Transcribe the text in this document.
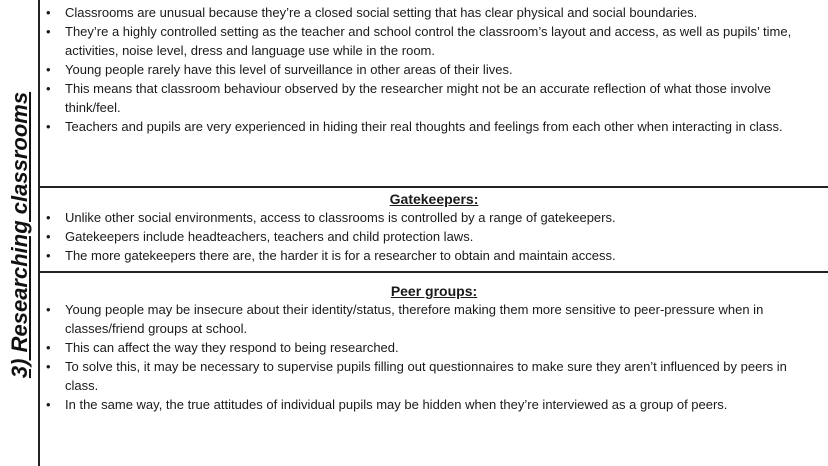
3) Researching classrooms
• Classrooms are unusual because they’re a closed social setting that has clear physical and social boundaries.
• They’re a highly controlled setting as the teacher and school control the classroom’s layout and access, as well as pupils’ time, activities, noise level, dress and language use while in the room.
• Young people rarely have this level of surveillance in other areas of their lives.
• This means that classroom behaviour observed by the researcher might not be an accurate reflection of what those involve think/feel.
• Teachers and pupils are very experienced in hiding their real thoughts and feelings from each other when interacting in class.
Gatekeepers:
• Unlike other social environments, access to classrooms is controlled by a range of gatekeepers.
• Gatekeepers include headteachers, teachers and child protection laws.
• The more gatekeepers there are, the harder it is for a researcher to obtain and maintain access.
Peer groups:
• Young people may be insecure about their identity/status, therefore making them more sensitive to peer-pressure when in classes/friend groups at school.
• This can affect the way they respond to being researched.
• To solve this, it may be necessary to supervise pupils filling out questionnaires to make sure they aren’t influenced by peers in class.
• In the same way, the true attitudes of individual pupils may be hidden when they’re interviewed as a group of peers.
